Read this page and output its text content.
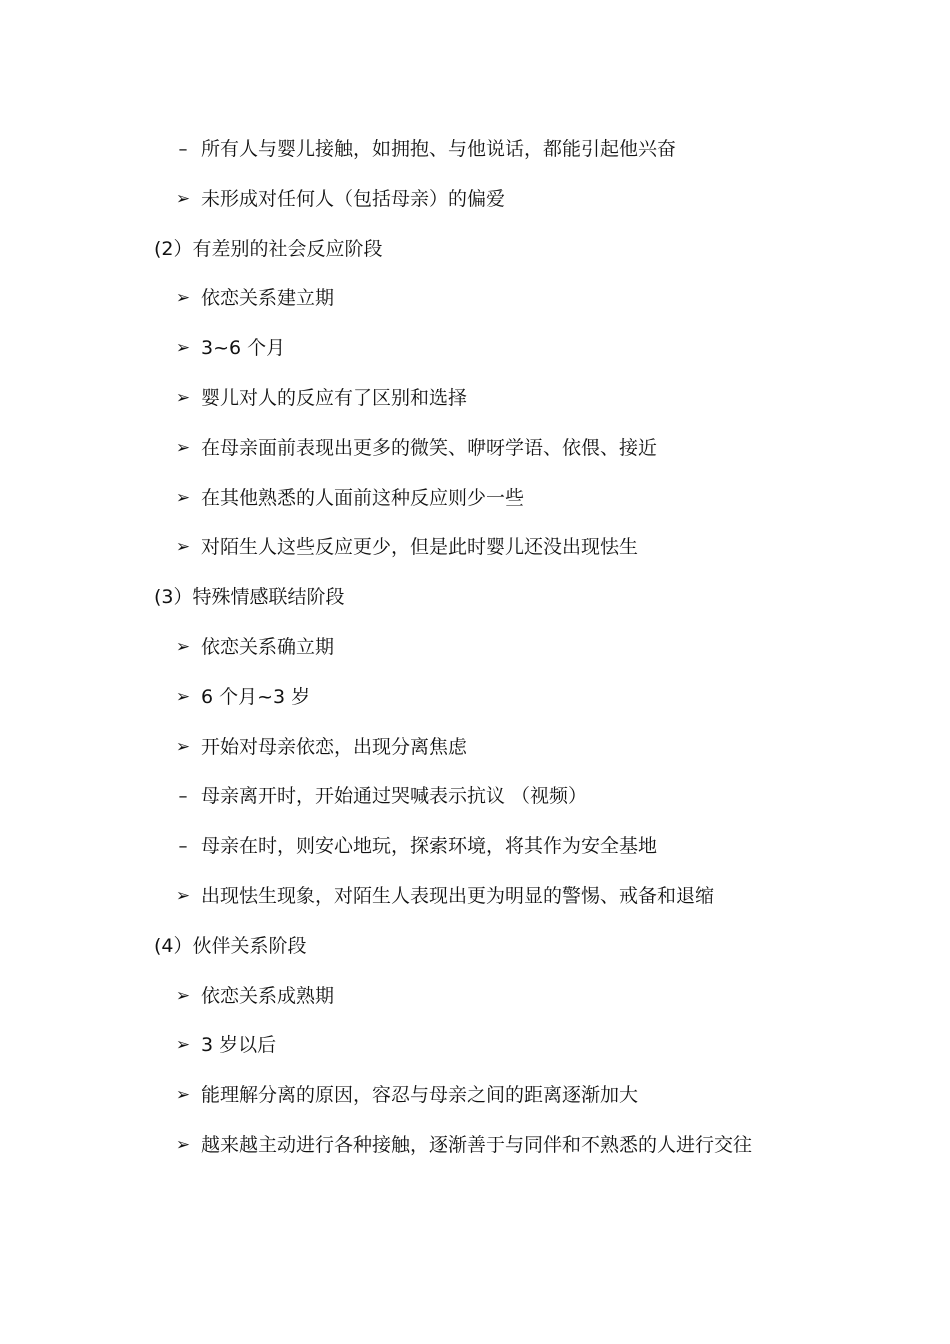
– 所有人与婴儿接触，如拥抱、与他说话，都能引起他兴奋
➢ 未形成对任何人（包括母亲）的偏爱
(2）有差别的社会反应阶段
➢ 依恋关系建立期
➢ 3~6 个月
➢ 婴儿对人的反应有了区别和选择
➢ 在母亲面前表现出更多的微笑、咿呀学语、依偎、接近
➢ 在其他熟悉的人面前这种反应则少一些
➢ 对陌生人这些反应更少，但是此时婴儿还没出现怯生
(3）特殊情感联结阶段
➢ 依恋关系确立期
➢ 6 个月~3 岁
➢ 开始对母亲依恋，出现分离焦虑
– 母亲离开时，开始通过哭喊表示抗议 （视频）
– 母亲在时，则安心地玩，探索环境，将其作为安全基地
➢ 出现怯生现象，对陌生人表现出更为明显的警惕、戒备和退缩
(4）伙伴关系阶段
➢ 依恋关系成熟期
➢ 3 岁以后
➢ 能理解分离的原因，容忍与母亲之间的距离逐渐加大
➢ 越来越主动进行各种接触，逐渐善于与同伴和不熟悉的人进行交往
